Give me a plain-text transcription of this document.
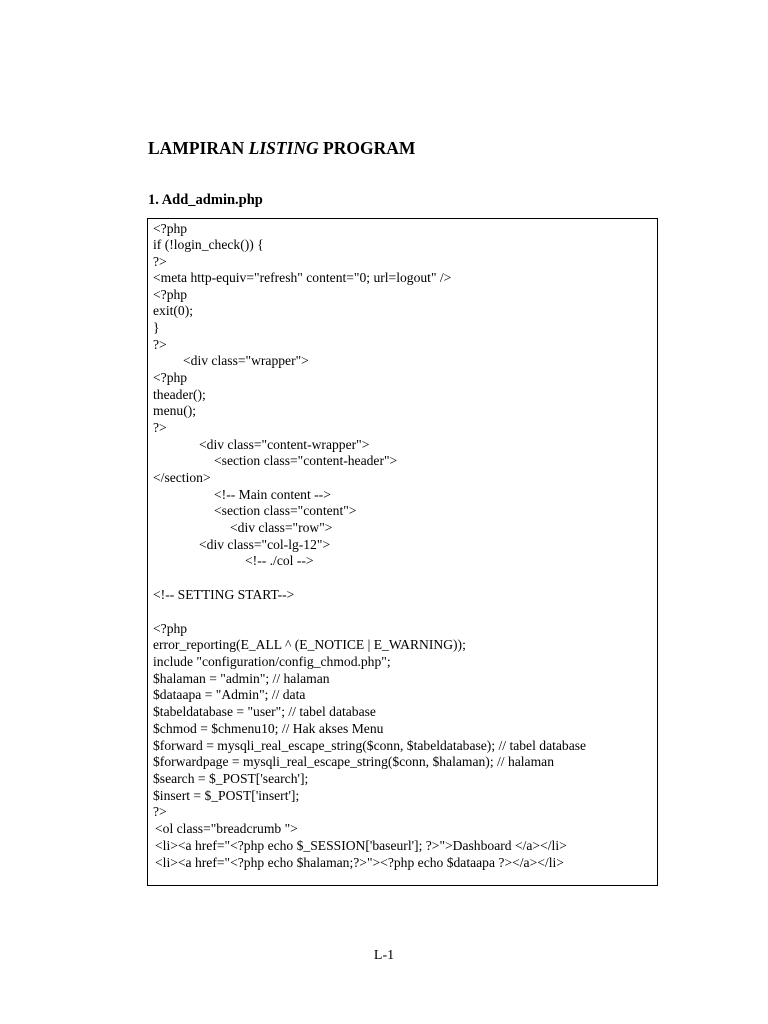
LAMPIRAN LISTING PROGRAM
1. Add_admin.php
<?php
if (!login_check()) {
?>
<meta http-equiv="refresh" content="0; url=logout" />
<?php
exit(0);
}
?>
<div class="wrapper">
<?php
theader();
menu();
?>
<div class="content-wrapper">
<section class="content-header">
</section>
<!-- Main content -->
<section class="content">
<div class="row">
<div class="col-lg-12">
<!-- ./col -->
<!-- SETTING START-->
<?php
error_reporting(E_ALL ^ (E_NOTICE | E_WARNING));
include "configuration/config_chmod.php";
$halaman = "admin"; // halaman
$dataapa = "Admin"; // data
$tabeldatabase = "user"; // tabel database
$chmod = $chmenu10; // Hak akses Menu
$forward = mysqli_real_escape_string($conn, $tabeldatabase); // tabel database
$forwardpage = mysqli_real_escape_string($conn, $halaman); // halaman
$search = $_POST['search'];
$insert = $_POST['insert'];
?>
<ol class="breadcrumb ">
<li><a href="<?php echo $_SESSION['baseurl']; ?>">Dashboard </a></li>
<li><a href="<?php echo $halaman;?>"><?php echo $dataapa ?></a></li>
L-1
